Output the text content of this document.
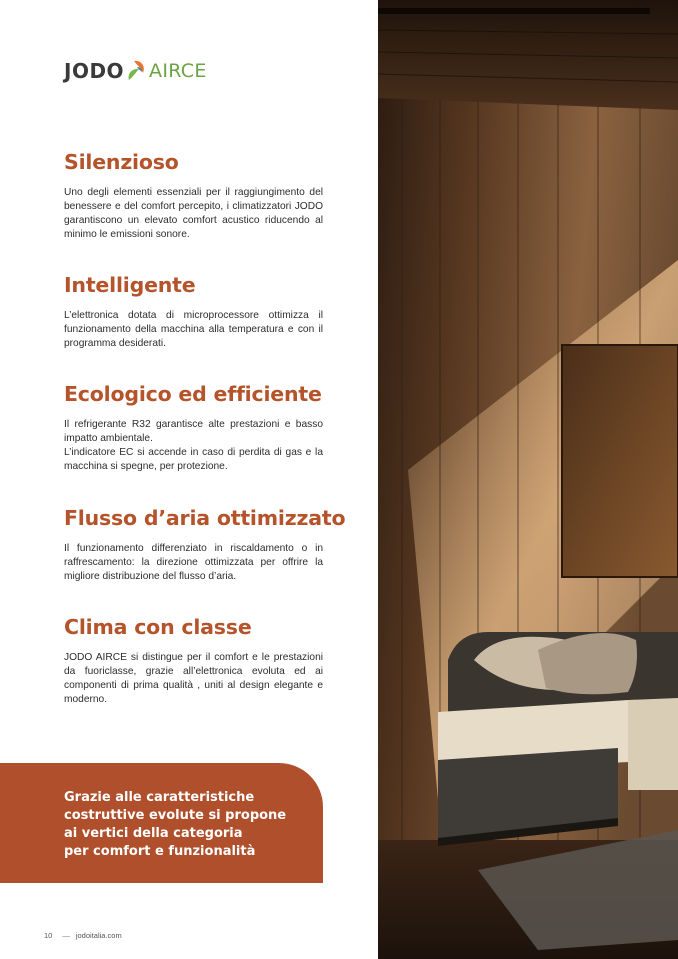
JODO AIRCE
Silenzioso

Uno degli elementi essenziali per il raggiungimento del benessere e del comfort percepito, i climatizzatori JODO garantiscono un elevato comfort acustico riducendo al minimo le emissioni sonore.

Intelligente

L’elettronica dotata di microprocessore ottimizza il funzionamento della macchina alla temperatura e con il programma desiderati.

Ecologico ed efficiente

Il refrigerante R32 garantisce alte prestazioni e basso impatto ambientale.
L’indicatore EC si accende in caso di perdita di gas e la macchina si spegne, per protezione.

Flusso d’aria ottimizzato

Il funzionamento differenziato in riscaldamento o in raffrescamento: la direzione ottimizzata per offrire la migliore distribuzione del flusso d’aria.

Clima con classe

JODO AIRCE si distingue per il comfort e le prestazioni da fuoriclasse, grazie all’elettronica evoluta ed ai componenti di prima qualità , uniti al design elegante e moderno.

Grazie alle caratteristiche
costruttive evolute si propone
ai vertici della categoria
per comfort e funzionalità
10 — jodoitalia.com
